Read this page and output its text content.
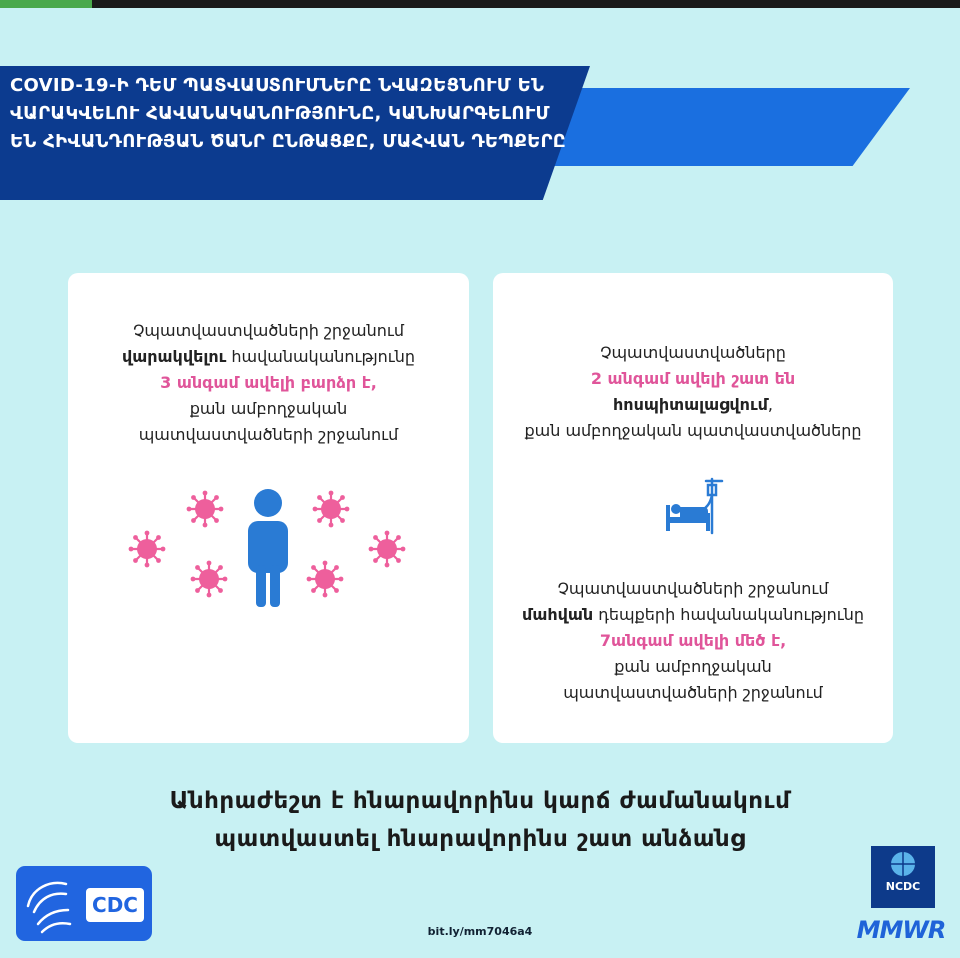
COVID-19-Ի ԴԵՄ ՊԱՏՎԱՍՏՈՒՄՆԵՐԸ ՆՎԱԶԵՑՆՈՒՄ ԵՆ ՎԱՐԱԿՎԵԼՈՒ ՀԱՎԱՆԱԿԱՆՈՒԹՅՈՒՆԸ, ԿԱՆԽԱՐԳԵԼՈՒՄ ԵՆ ՀԻՎԱՆԴՈՒԹՅԱՆ ԾԱՆՐ ԸՆԹԱՑՔԸ, ՄԱՀՎԱՆ ԴԵՊՔԵՐԸ
Չպատվաստվածների շրջանում
վարակվելու հավանականությունը
3 անգամ ավելի բարձր է,
քան ամբողջական
պատվաստվածների շրջանում
Չպատվաստվածները
2 անգամ ավելի շատ են
հոսպիտալացվում,
քան ամբողջական պատվաստվածները
Չպատվաստվածների շրջանում
մահվան դեպքերի հավանականությունը
7անգամ ավելի մեծ է,
քան ամբողջական
պատվաստվածների շրջանում
Անհրաժեշտ է հնարավորինս կարճ ժամանակում
պատվաստել հնարավորինս շատ անձանց
CDC
bit.ly/mm7046a4
NCDC
MMWR
